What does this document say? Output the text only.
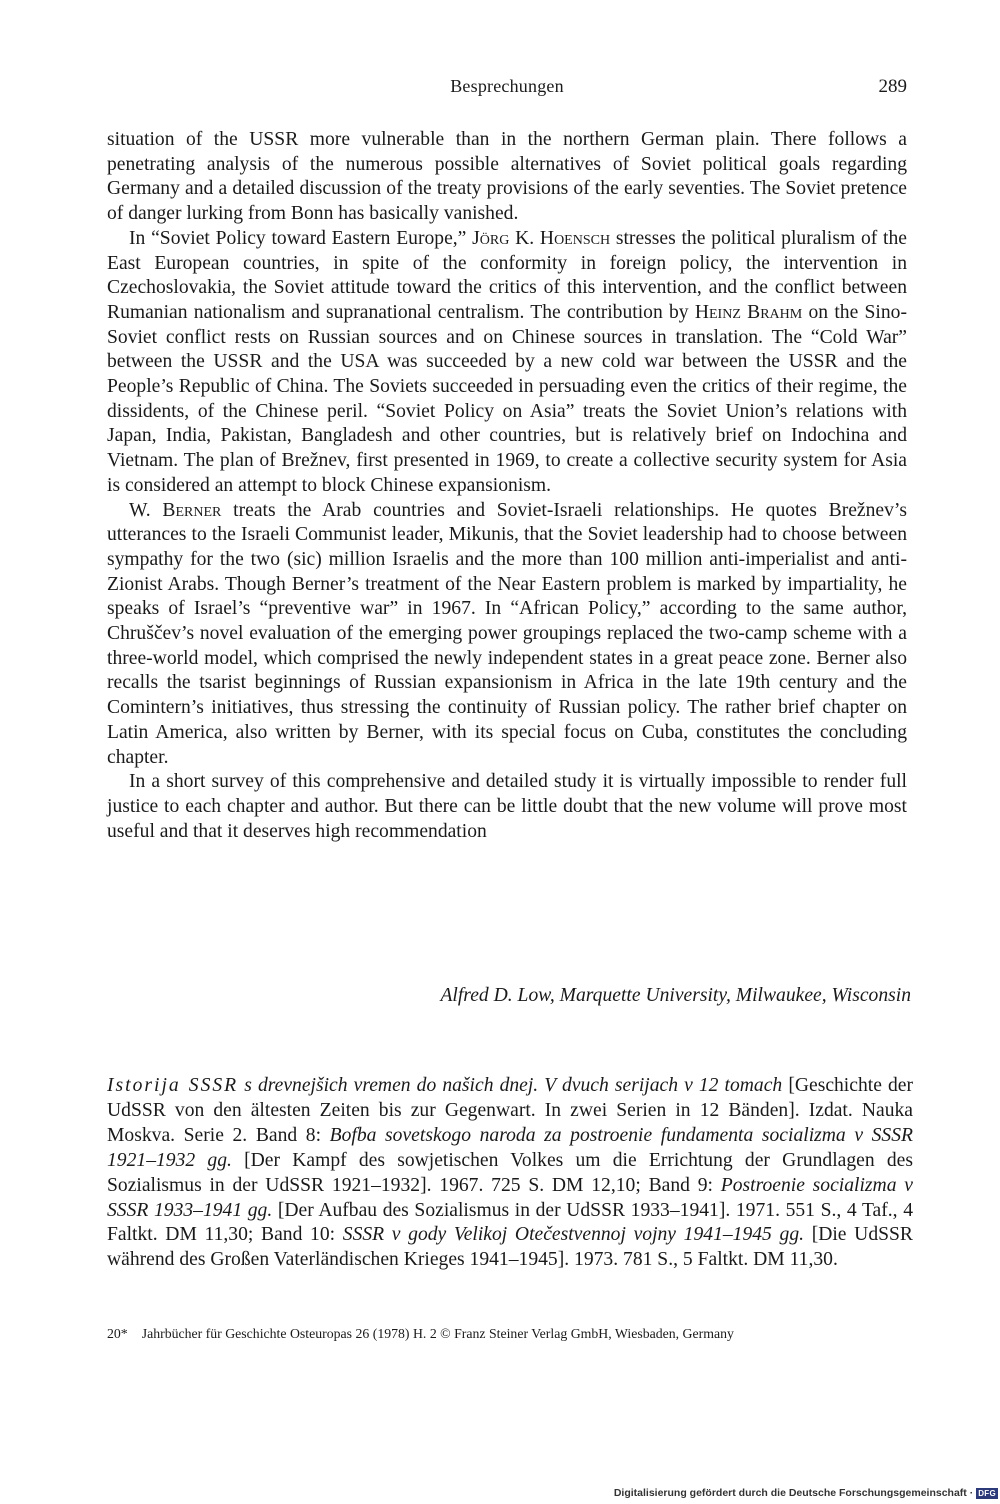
Besprechungen	289

situation of the USSR more vulnerable than in the northern German plain. There follows a penetrating analysis of the numerous possible alternatives of Soviet political goals regarding Germany and a detailed discussion of the treaty provisions of the early seventies. The Soviet pretence of danger lurking from Bonn has basically vanished.

In “Soviet Policy toward Eastern Europe,” Jörg K. Hoensch stresses the political pluralism of the East European countries, in spite of the conformity in foreign policy, the intervention in Czechoslovakia, the Soviet attitude toward the critics of this intervention, and the conflict between Rumanian nationalism and supranational centralism. The contribution by Heinz Brahm on the Sino-Soviet conflict rests on Russian sources and on Chinese sources in translation. The “Cold War” between the USSR and the USA was succeeded by a new cold war between the USSR and the People’s Republic of China. The Soviets succeeded in persuading even the critics of their regime, the dissidents, of the Chinese peril. “Soviet Policy on Asia” treats the Soviet Union’s relations with Japan, India, Pakistan, Bangladesh and other countries, but is relatively brief on Indochina and Vietnam. The plan of Brežnev, first presented in 1969, to create a collective security system for Asia is considered an attempt to block Chinese expansionism.

W. Berner treats the Arab countries and Soviet-Israeli relationships. He quotes Brežnev’s utterances to the Israeli Communist leader, Mikunis, that the Soviet leadership had to choose between sympathy for the two (sic) million Israelis and the more than 100 million anti-imperialist and anti-Zionist Arabs. Though Berner’s treatment of the Near Eastern problem is marked by impartiality, he speaks of Israel’s “preventive war” in 1967. In “African Policy,” according to the same author, Chruščev’s novel evaluation of the emerging power groupings replaced the two-camp scheme with a three-world model, which comprised the newly independent states in a great peace zone. Berner also recalls the tsarist beginnings of Russian expansionism in Africa in the late 19th century and the Comintern’s initiatives, thus stressing the continuity of Russian policy. The rather brief chapter on Latin America, also written by Berner, with its special focus on Cuba, constitutes the concluding chapter.

In a short survey of this comprehensive and detailed study it is virtually impossible to render full justice to each chapter and author. But there can be little doubt that the new volume will prove most useful and that it deserves high recommendation

Alfred D. Low, Marquette University, Milwaukee, Wisconsin

Istorija SSSR s drevnejšich vremen do našich dnej. V dvuch serijach v 12 tomach [Geschichte der UdSSR von den ältesten Zeiten bis zur Gegenwart. In zwei Serien in 12 Bänden]. Izdat. Nauka Moskva. Serie 2. Band 8: Bofba sovetskogo naroda za postroenie fundamenta socializma v SSSR 1921–1932 gg. [Der Kampf des sowjetischen Volkes um die Errichtung der Grundlagen des Sozialismus in der UdSSR 1921–1932]. 1967. 725 S. DM 12,10; Band 9: Postroenie socializma v SSSR 1933–1941 gg. [Der Aufbau des Sozialismus in der UdSSR 1933–1941]. 1971. 551 S., 4 Taf., 4 Faltkt. DM 11,30; Band 10: SSSR v gody Velikoj Otečestvennoj vojny 1941–1945 gg. [Die UdSSR während des Großen Vaterländischen Krieges 1941–1945]. 1973. 781 S., 5 Faltkt. DM 11,30.

20* Jahrbücher für Geschichte Osteuropas 26 (1978) H. 2 © Franz Steiner Verlag GmbH, Wiesbaden, Germany
Digitalisierung gefördert durch die Deutsche Forschungsgemeinschaft · DFG
